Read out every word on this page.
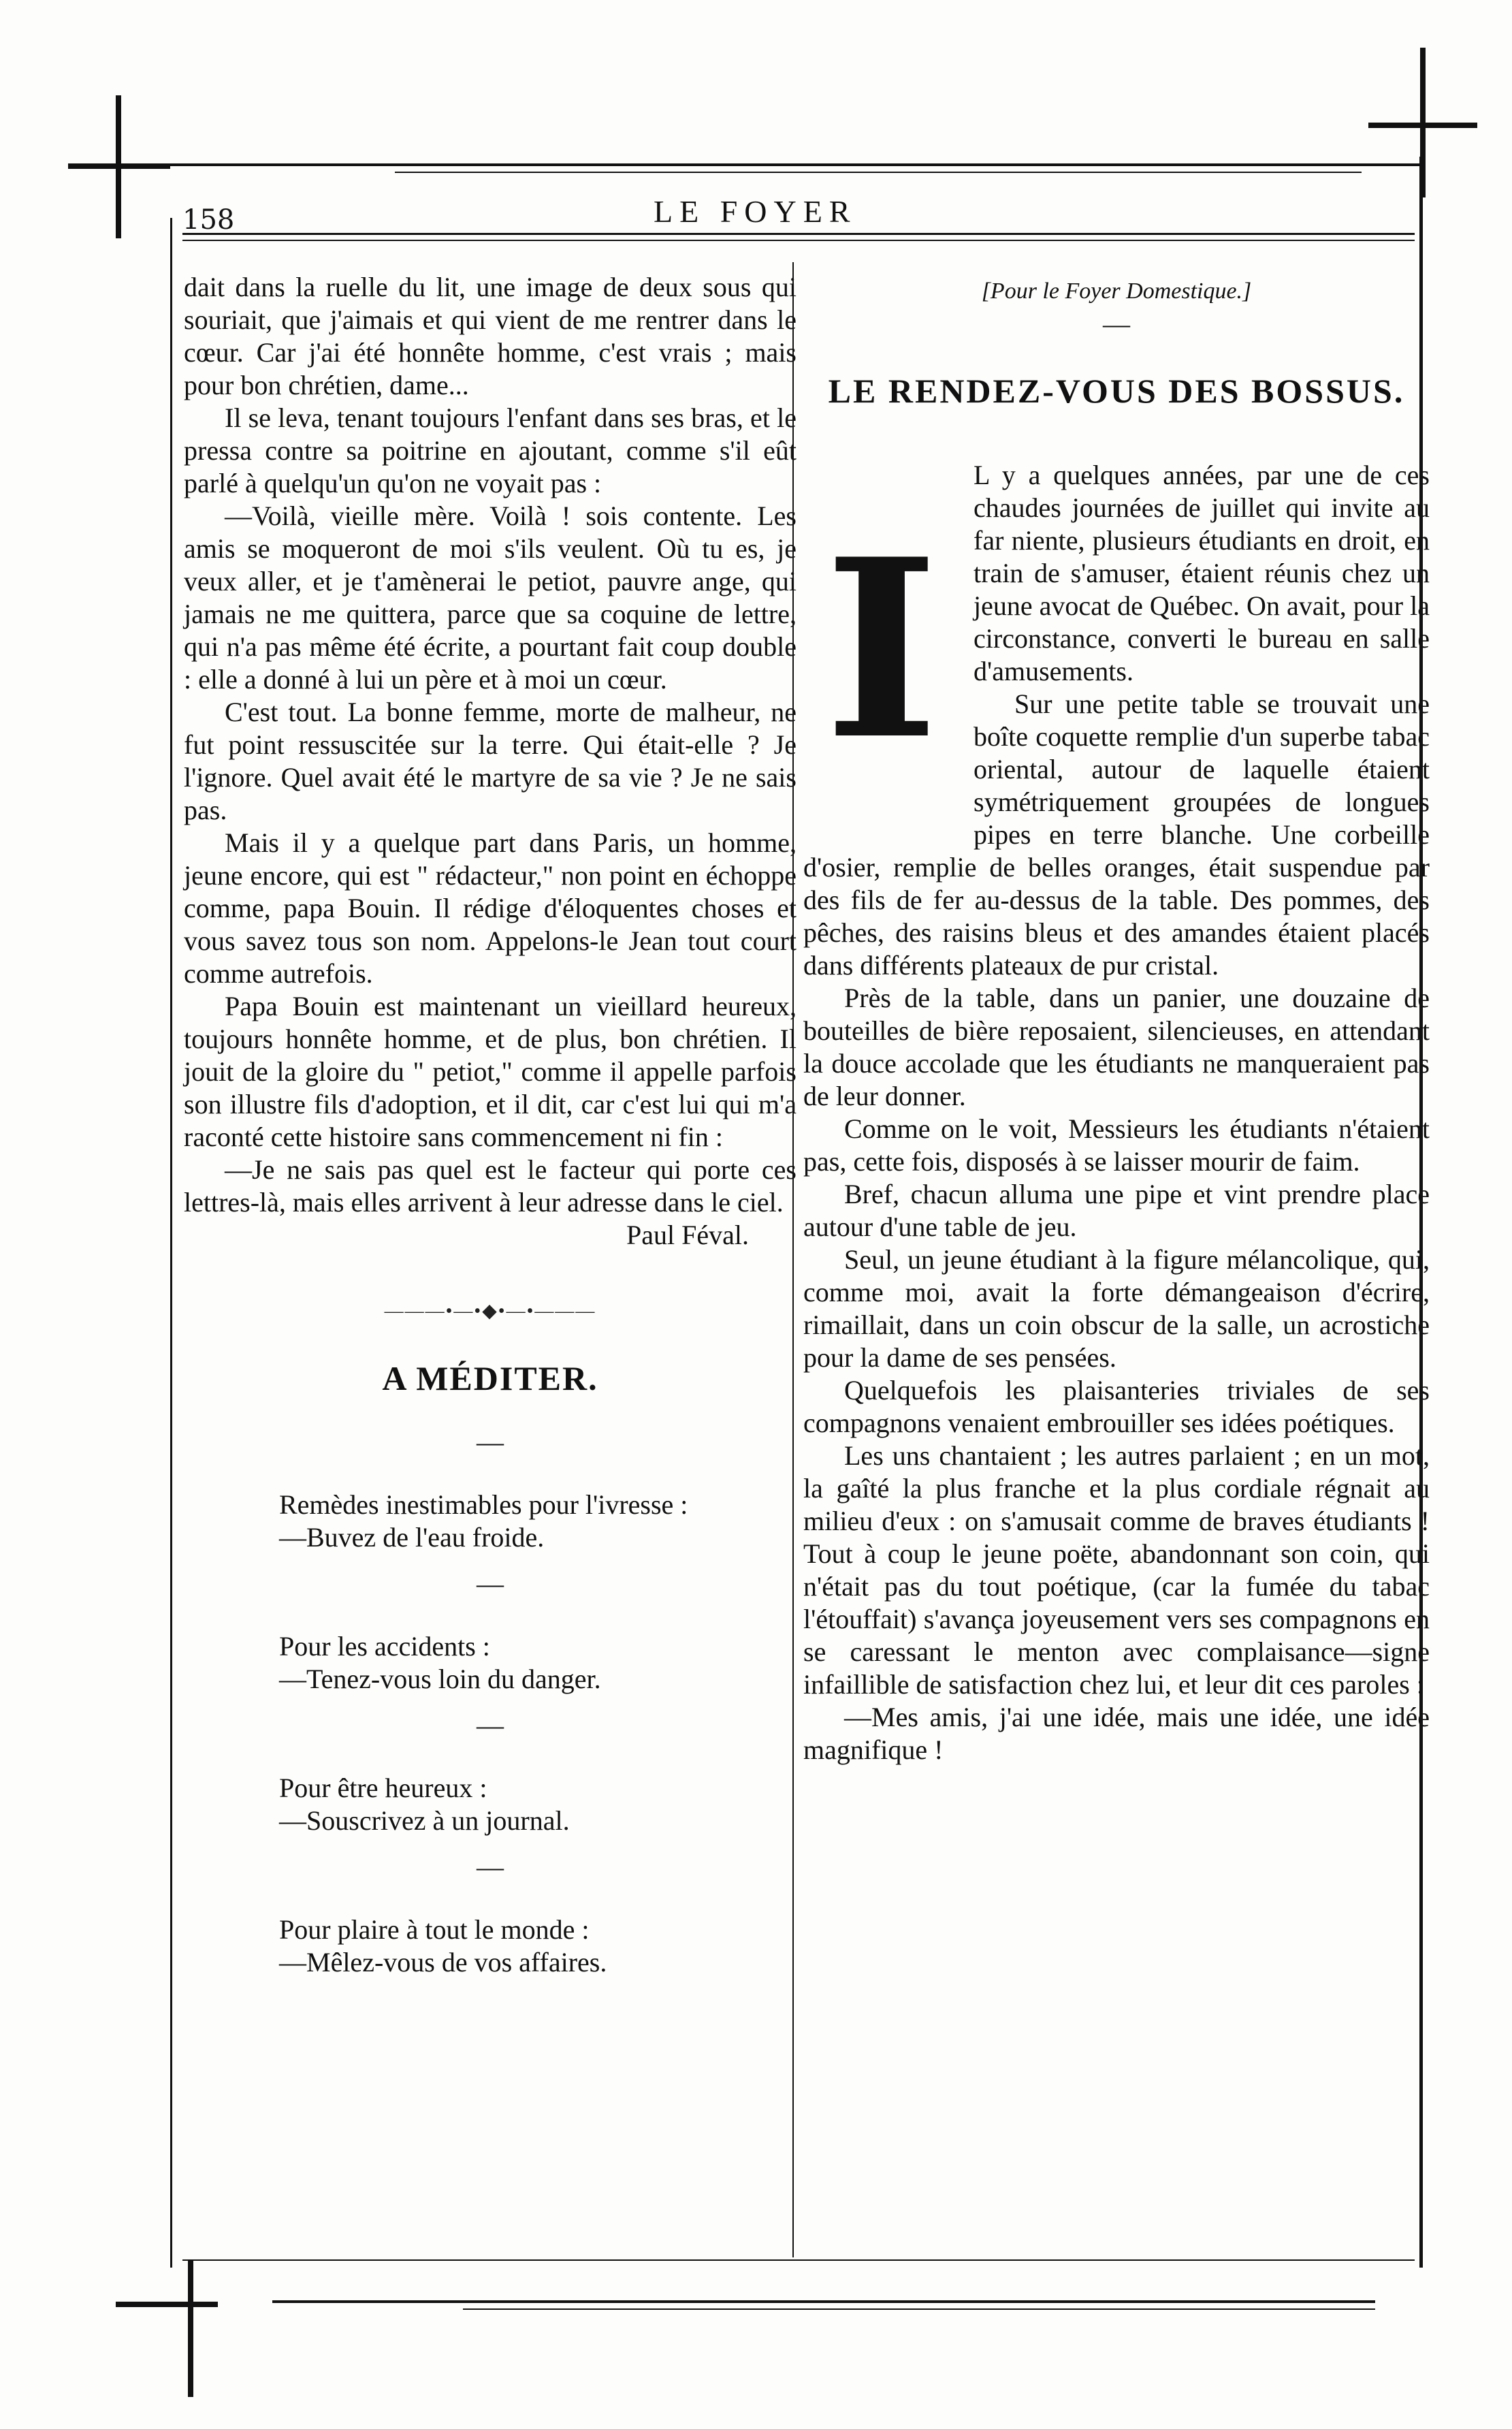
158	LE FOYER

dait dans la ruelle du lit, une image de deux sous qui souriait, que j'aimais et qui vient de me rentrer dans le cœur. Car j'ai été honnête homme, c'est vrais ; mais pour bon chrétien, dame...

Il se leva, tenant toujours l'enfant dans ses bras, et le pressa contre sa poitrine en ajoutant, comme s'il eût parlé à quelqu'un qu'on ne voyait pas :

—Voilà, vieille mère. Voilà ! sois contente. Les amis se moqueront de moi s'ils veulent. Où tu es, je veux aller, et je t'amènerai le petiot, pauvre ange, qui jamais ne me quittera, parce que sa coquine de lettre, qui n'a pas même été écrite, a pourtant fait coup double : elle a donné à lui un père et à moi un cœur.

C'est tout. La bonne femme, morte de malheur, ne fut point ressuscitée sur la terre. Qui était-elle ? Je l'ignore. Quel avait été le martyre de sa vie ? Je ne sais pas.

Mais il y a quelque part dans Paris, un homme, jeune encore, qui est " rédacteur," non point en échoppe comme, papa Bouin. Il rédige d'éloquentes choses et vous savez tous son nom. Appelons-le Jean tout court comme autrefois.

Papa Bouin est maintenant un vieillard heureux, toujours honnête homme, et de plus, bon chrétien. Il jouit de la gloire du " petiot," comme il appelle parfois son illustre fils d'adoption, et il dit, car c'est lui qui m'a raconté cette histoire sans commencement ni fin :

—Je ne sais pas quel est le facteur qui porte ces lettres-là, mais elles arrivent à leur adresse dans le ciel.

Paul Féval.

———•—•◆•—•———
A MÉDITER.
—
Remèdes inestimables pour l'ivresse :
—Buvez de l'eau froide.
—
Pour les accidents :
—Tenez-vous loin du danger.
—
Pour être heureux :
—Souscrivez à un journal.
—
Pour plaire à tout le monde :
—Mêlez-vous de vos affaires.
[Pour le Foyer Domestique.]
—
LE RENDEZ-VOUS DES BOSSUS.
I

L y a quelques années, par une de ces chaudes journées de juillet qui invite au far niente, plusieurs étudiants en droit, en train de s'amuser, étaient réunis chez un jeune avocat de Québec. On avait, pour la circonstance, converti le bureau en salle d'amusements.

Sur une petite table se trouvait une boîte coquette remplie d'un superbe tabac oriental, autour de laquelle étaient symétriquement groupées de longues pipes en terre blanche. Une corbeille d'osier, remplie de belles oranges, était suspendue par des fils de fer au-dessus de la table. Des pommes, des pêches, des raisins bleus et des amandes étaient placés dans différents plateaux de pur cristal.

Près de la table, dans un panier, une douzaine de bouteilles de bière reposaient, silencieuses, en attendant la douce accolade que les étudiants ne manqueraient pas de leur donner.

Comme on le voit, Messieurs les étudiants n'étaient pas, cette fois, disposés à se laisser mourir de faim.

Bref, chacun alluma une pipe et vint prendre place autour d'une table de jeu.

Seul, un jeune étudiant à la figure mélancolique, qui, comme moi, avait la forte démangeaison d'écrire, rimaillait, dans un coin obscur de la salle, un acrostiche pour la dame de ses pensées.

Quelquefois les plaisanteries triviales de ses compagnons venaient embrouiller ses idées poétiques.

Les uns chantaient ; les autres parlaient ; en un mot, la gaîté la plus franche et la plus cordiale régnait au milieu d'eux : on s'amusait comme de braves étudiants ! Tout à coup le jeune poëte, abandonnant son coin, qui n'était pas du tout poétique, (car la fumée du tabac l'étouffait) s'avança joyeusement vers ses compagnons en se caressant le menton avec complaisance—signe infaillible de satisfaction chez lui, et leur dit ces paroles :

—Mes amis, j'ai une idée, mais une idée, une idée magnifique !
